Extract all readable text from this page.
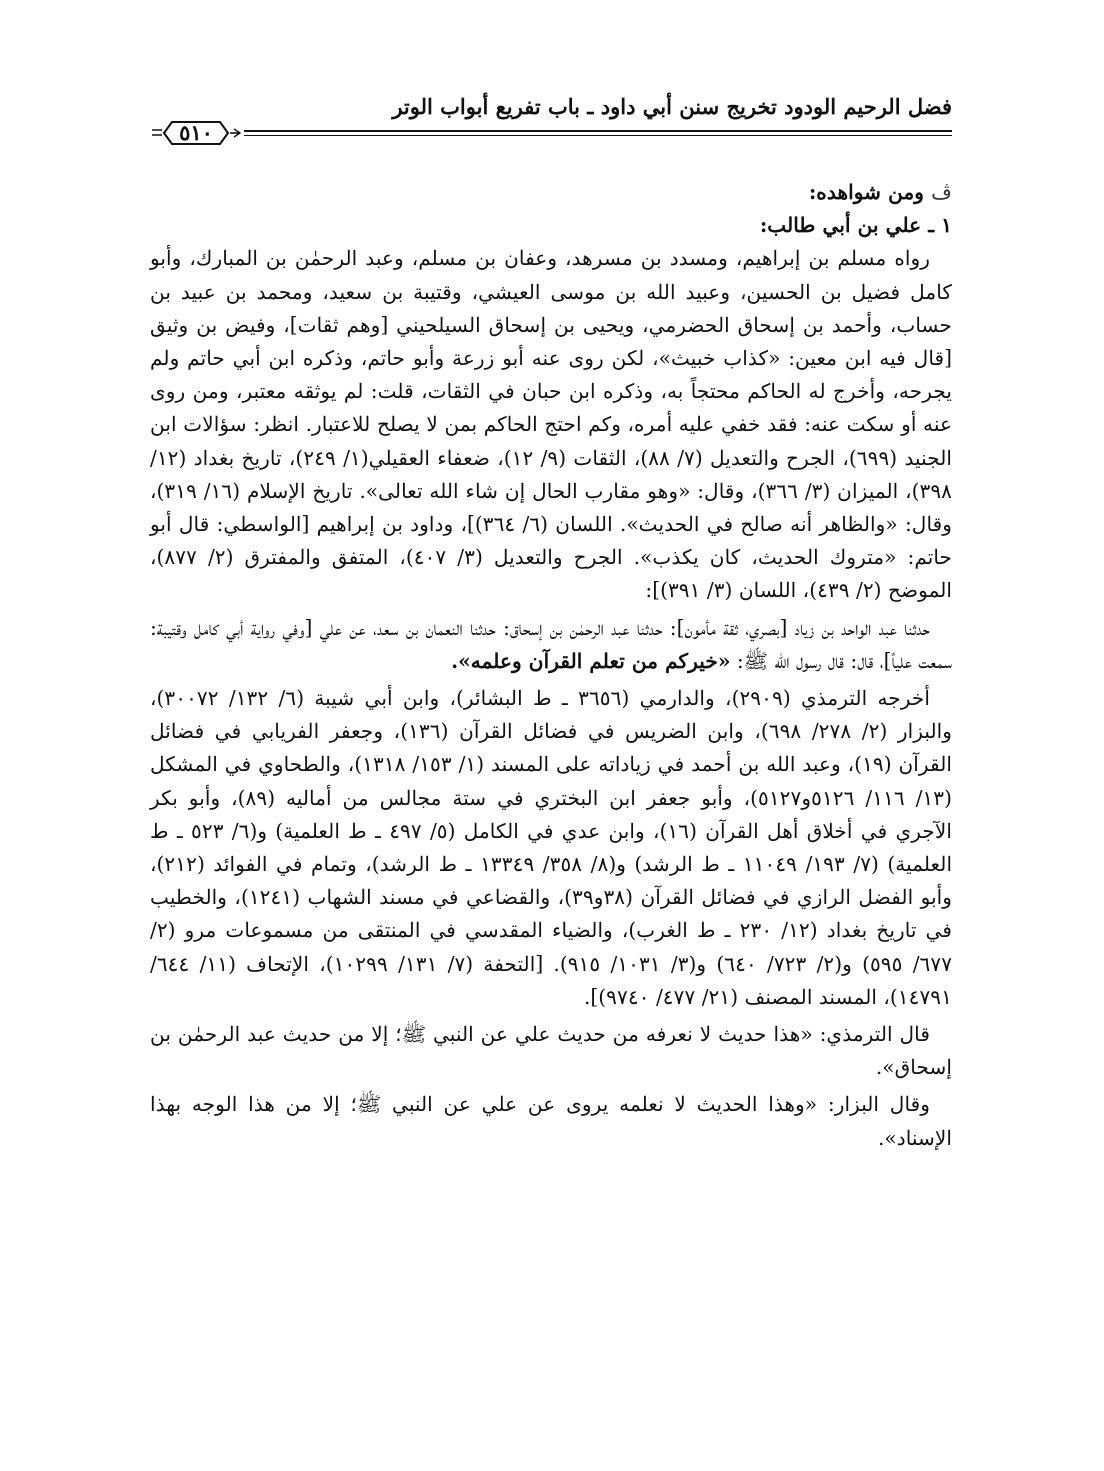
فضل الرحيم الودود تخريج سنن أبي داود ـ باب تفريع أبواب الوتر
٥١٠

ڤ ومن شواهده:

١ ـ علي بن أبي طالب:

رواه مسلم بن إبراهيم، ومسدد بن مسرهد، وعفان بن مسلم، وعبد الرحمٰن بن المبارك، وأبو كامل فضيل بن الحسين، وعبيد الله بن موسى العيشي، وقتيبة بن سعيد، ومحمد بن عبيد بن حساب، وأحمد بن إسحاق الحضرمي، ويحيى بن إسحاق السيلحيني [وهم ثقات]، وفيض بن وثيق [قال فيه ابن معين: «كذاب خبيث»، لكن روى عنه أبو زرعة وأبو حاتم، وذكره ابن أبي حاتم ولم يجرحه، وأخرج له الحاكم محتجاً به، وذكره ابن حبان في الثقات، قلت: لم يوثقه معتبر، ومن روى عنه أو سكت عنه: فقد خفي عليه أمره، وكم احتج الحاكم بمن لا يصلح للاعتبار. انظر: سؤالات ابن الجنيد (٦٩٩)، الجرح والتعديل (٧/ ٨٨)، الثقات (٩/ ١٢)، ضعفاء العقيلي(١/ ٢٤٩)، تاريخ بغداد (١٢/ ٣٩٨)، الميزان (٣/ ٣٦٦)، وقال: «وهو مقارب الحال إن شاء الله تعالى». تاريخ الإسلام (١٦/ ٣١٩)، وقال: «والظاهر أنه صالح في الحديث». اللسان (٦/ ٣٦٤)]، وداود بن إبراهيم [الواسطي: قال أبو حاتم: «متروك الحديث، كان يكذب». الجرح والتعديل (٣/ ٤٠٧)، المتفق والمفترق (٢/ ٨٧٧)، الموضح (٢/ ٤٣٩)، اللسان (٣/ ٣٩١)]:

حدثنا عبد الواحد بن زياد [بصري، ثقة مأمون]: حدثنا عبد الرحمٰن بن إسحاق: حدثنا النعمان بن سعد، عن علي [وفي رواية أبي كامل وقتيبة: سمعت علياً]، قال: قال رسول الله ﷺ: «خيركم من تعلم القرآن وعلمه».

أخرجه الترمذي (٢٩٠٩)، والدارمي (٣٦٥٦ ـ ط البشائر)، وابن أبي شيبة (٦/ ١٣٢/ ٣٠٠٧٢)، والبزار (٢/ ٢٧٨/ ٦٩٨)، وابن الضريس في فضائل القرآن (١٣٦)، وجعفر الفريابي في فضائل القرآن (١٩)، وعبد الله بن أحمد في زياداته على المسند (١/ ١٥٣/ ١٣١٨)، والطحاوي في المشكل (١٣/ ١١٦/ ٥١٢٦و٥١٢٧)، وأبو جعفر ابن البختري في ستة مجالس من أماليه (٨٩)، وأبو بكر الآجري في أخلاق أهل القرآن (١٦)، وابن عدي في الكامل (٥/ ٤٩٧ ـ ط العلمية) و(٦/ ٥٢٣ ـ ط العلمية) (٧/ ١٩٣/ ١١٠٤٩ ـ ط الرشد) و(٨/ ٣٥٨/ ١٣٣٤٩ ـ ط الرشد)، وتمام في الفوائد (٢١٢)، وأبو الفضل الرازي في فضائل القرآن (٣٨و٣٩)، والقضاعي في مسند الشهاب (١٢٤١)، والخطيب في تاريخ بغداد (١٢/ ٢٣٠ ـ ط الغرب)، والضياء المقدسي في المنتقى من مسموعات مرو (٢/ ٦٧٧/ ٥٩٥) و(٢/ ٧٢٣/ ٦٤٠) و(٣/ ١٠٣١/ ٩١٥). [التحفة (٧/ ١٣١/ ١٠٢٩٩)، الإتحاف (١١/ ٦٤٤/ ١٤٧٩١)، المسند المصنف (٢١/ ٤٧٧/ ٩٧٤٠)].

قال الترمذي: «هذا حديث لا نعرفه من حديث علي عن النبي ﷺ؛ إلا من حديث عبد الرحمٰن بن إسحاق».

وقال البزار: «وهذا الحديث لا نعلمه يروى عن علي عن النبي ﷺ؛ إلا من هذا الوجه بهذا الإسناد».
